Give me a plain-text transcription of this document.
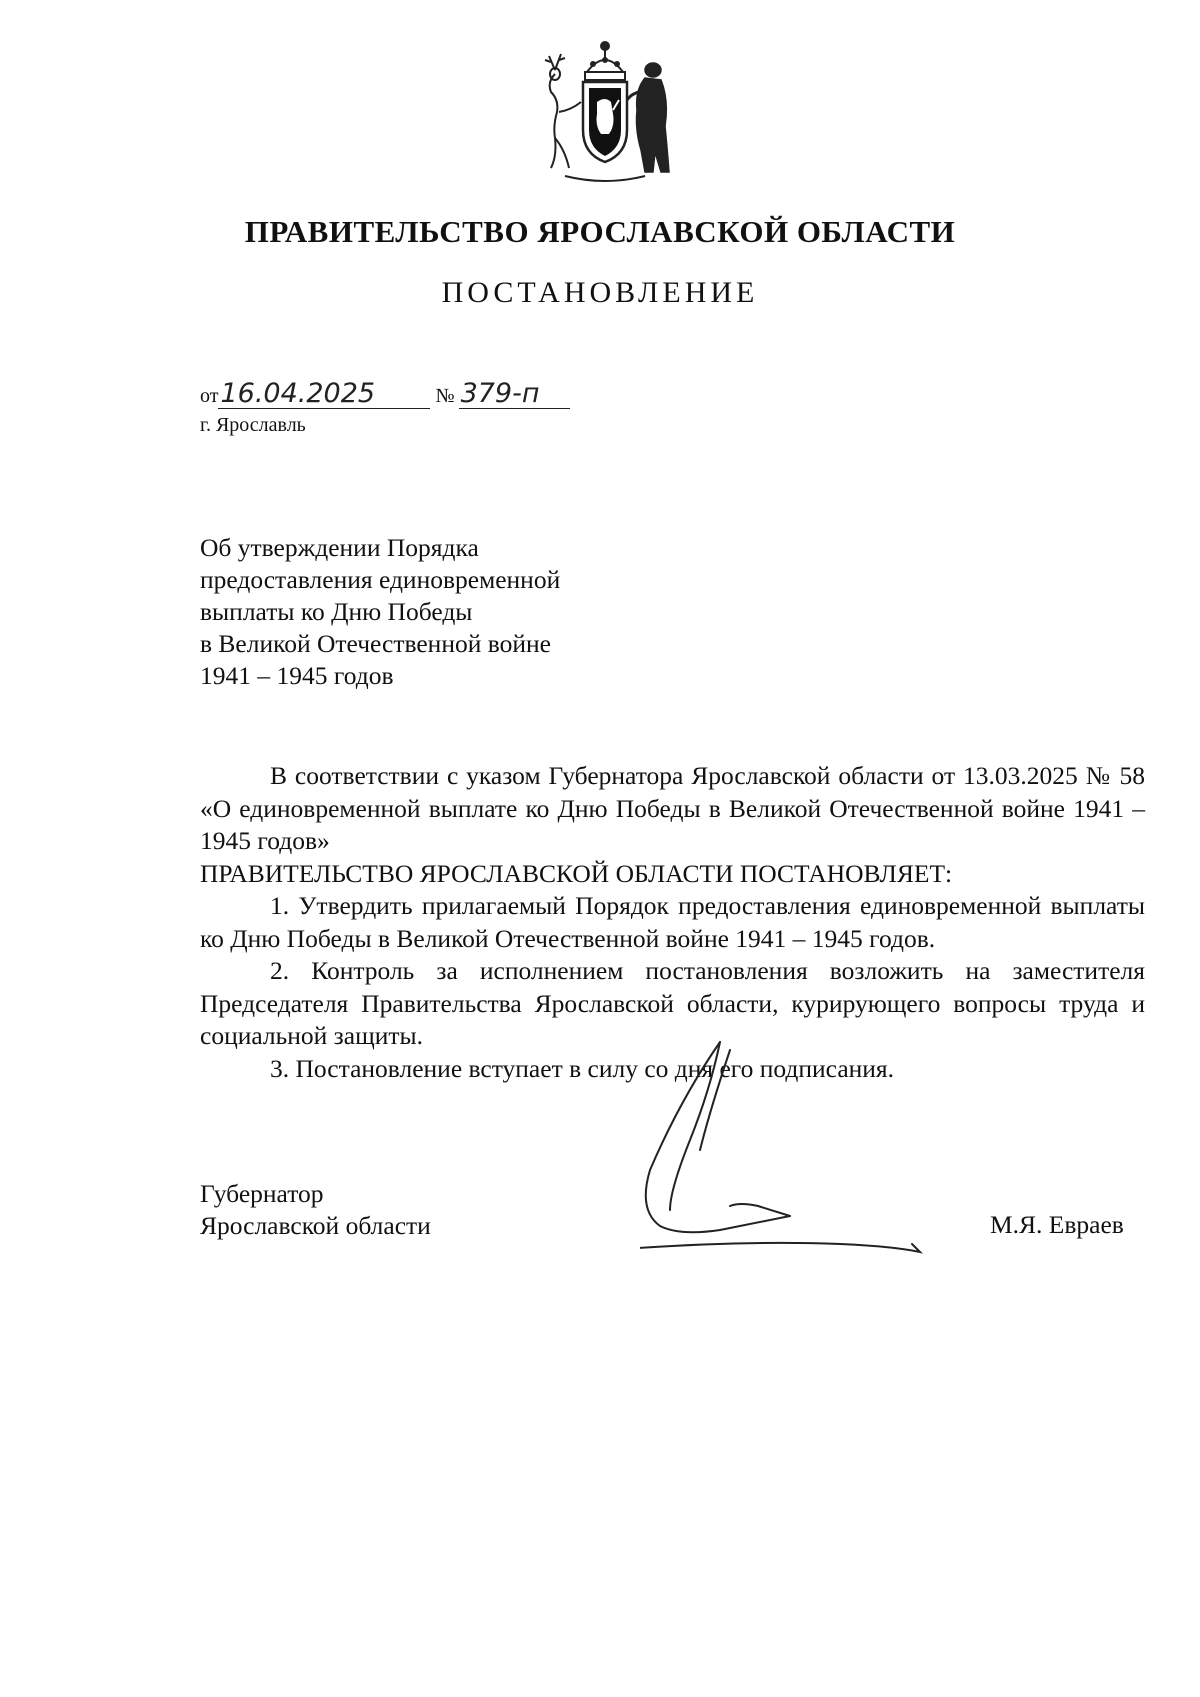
ПРАВИТЕЛЬСТВО ЯРОСЛАВСКОЙ ОБЛАСТИ
ПОСТАНОВЛЕНИЕ
от16.04.2025	№ 379-п
г. Ярославль
Об утверждении Порядка
предоставления единовременной
выплаты ко Дню Победы
в Великой Отечественной войне
1941 – 1945 годов

В соответствии с указом Губернатора Ярославской области от 13.03.2025 № 58 «О единовременной выплате ко Дню Победы в Великой Отечественной войне 1941 – 1945 годов»

ПРАВИТЕЛЬСТВО ЯРОСЛАВСКОЙ ОБЛАСТИ ПОСТАНОВЛЯЕТ:

1. Утвердить прилагаемый Порядок предоставления единовременной выплаты ко Дню Победы в Великой Отечественной войне 1941 – 1945 годов.

2. Контроль за исполнением постановления возложить на заместителя Председателя Правительства Ярославской области, курирующего вопросы труда и социальной защиты.

3. Постановление вступает в силу со дня его подписания.

Губернатор
Ярославской области	М.Я. Евраев
